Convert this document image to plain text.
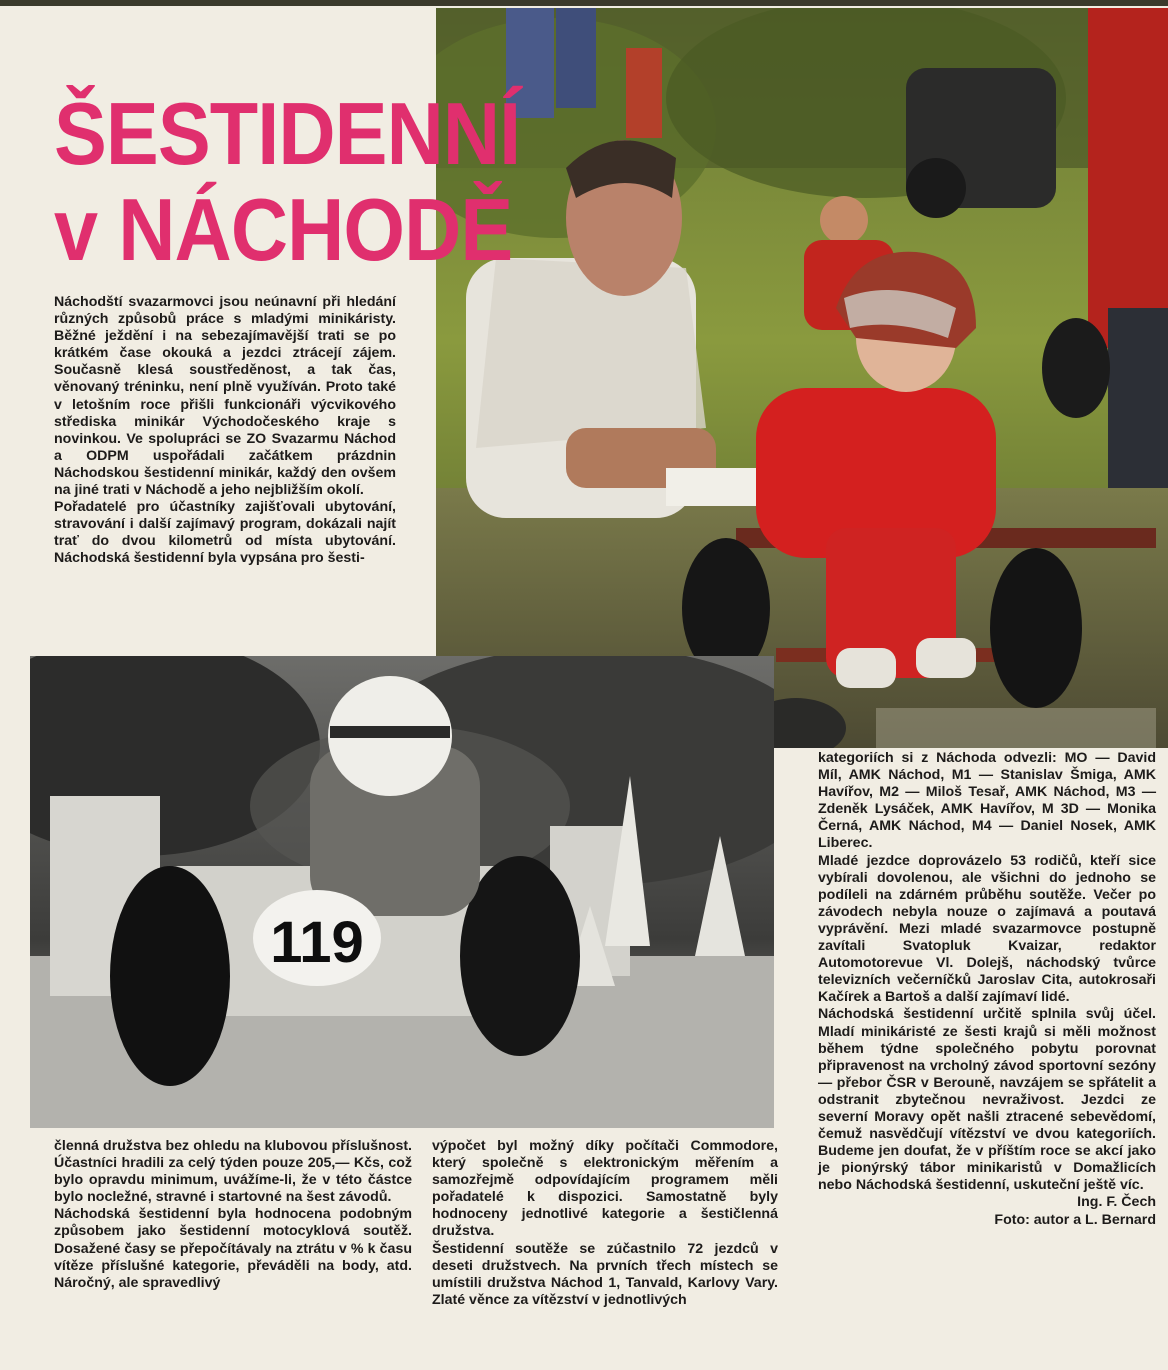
ŠESTIDENNÍ
v NÁCHODĚ

Náchodští svazarmovci jsou neúnavní při hledání různých způsobů práce s mladými minikáristy. Běžné ježdění i na sebezajímavější trati se po krátkém čase okouká a jezdci ztrácejí zájem. Současně klesá soustředěnost, a tak čas, věnovaný tréninku, není plně využíván. Proto také v letošním roce přišli funkcionáři výcvikového střediska minikár Východočeského kraje s novinkou. Ve spolupráci se ZO Svazarmu Náchod a ODPM uspořádali začátkem prázdnin Náchodskou šestidenní minikár, každý den ovšem na jiné trati v Náchodě a jeho nejbližším okolí.

Pořadatelé pro účastníky zajišťovali ubytování, stravování i další zajímavý program, dokázali najít trať do dvou kilometrů od místa ubytování. Náchodská šestidenní byla vypsána pro šesti-

119

členná družstva bez ohledu na klubovou příslušnost. Účastníci hradili za celý týden pouze 205,— Kčs, což bylo opravdu minimum, uvážíme-li, že v této částce bylo nocležné, stravné i startovné na šest závodů.

Náchodská šestidenní byla hodnocena podobným způsobem jako šestidenní motocyklová soutěž. Dosažené časy se přepočítávaly na ztrátu v % k času vítěze příslušné kategorie, převáděli na body, atd. Náročný, ale spravedlivý

výpočet byl možný díky počítači Commodore, který společně s elektronickým měřením a samozřejmě odpovídajícím programem měli pořadatelé k dispozici. Samostatně byly hodnoceny jednotlivé kategorie a šestičlenná družstva.

Šestidenní soutěže se zúčastnilo 72 jezdců v deseti družstvech. Na prvních třech místech se umístili družstva Náchod 1, Tanvald, Karlovy Vary. Zlaté věnce za vítězství v jednotlivých

kategoriích si z Náchoda odvezli: MO — David Míl, AMK Náchod, M1 — Stanislav Šmiga, AMK Havířov, M2 — Miloš Tesař, AMK Náchod, M3 — Zdeněk Lysáček, AMK Havířov, M 3D — Monika Černá, AMK Náchod, M4 — Daniel Nosek, AMK Liberec.

Mladé jezdce doprovázelo 53 rodičů, kteří sice vybírali dovolenou, ale všichni do jednoho se podíleli na zdárném průběhu soutěže. Večer po závodech nebyla nouze o zajímavá a poutavá vyprávění. Mezi mladé svazarmovce postupně zavítali Svatopluk Kvaizar, redaktor Automotorevue Vl. Dolejš, náchodský tvůrce televizních večerníčků Jaroslav Cita, autokrosaři Kačírek a Bartoš a další zajímaví lidé.

Náchodská šestidenní určitě splnila svůj účel. Mladí minikáristé ze šesti krajů si měli možnost během týdne společného pobytu porovnat připravenost na vrcholný závod sportovní sezóny — přebor ČSR v Berouně, navzájem se spřátelit a odstranit zbytečnou nevraživost. Jezdci ze severní Moravy opět našli ztracené sebevědomí, čemuž nasvědčují vítězství ve dvou kategoriích. Budeme jen doufat, že v příštím roce se akcí jako je pionýrský tábor minikaristů v Domažlicích nebo Náchodská šestidenní, uskuteční ještě víc.

Ing. F. Čech

Foto: autor a L. Bernard
